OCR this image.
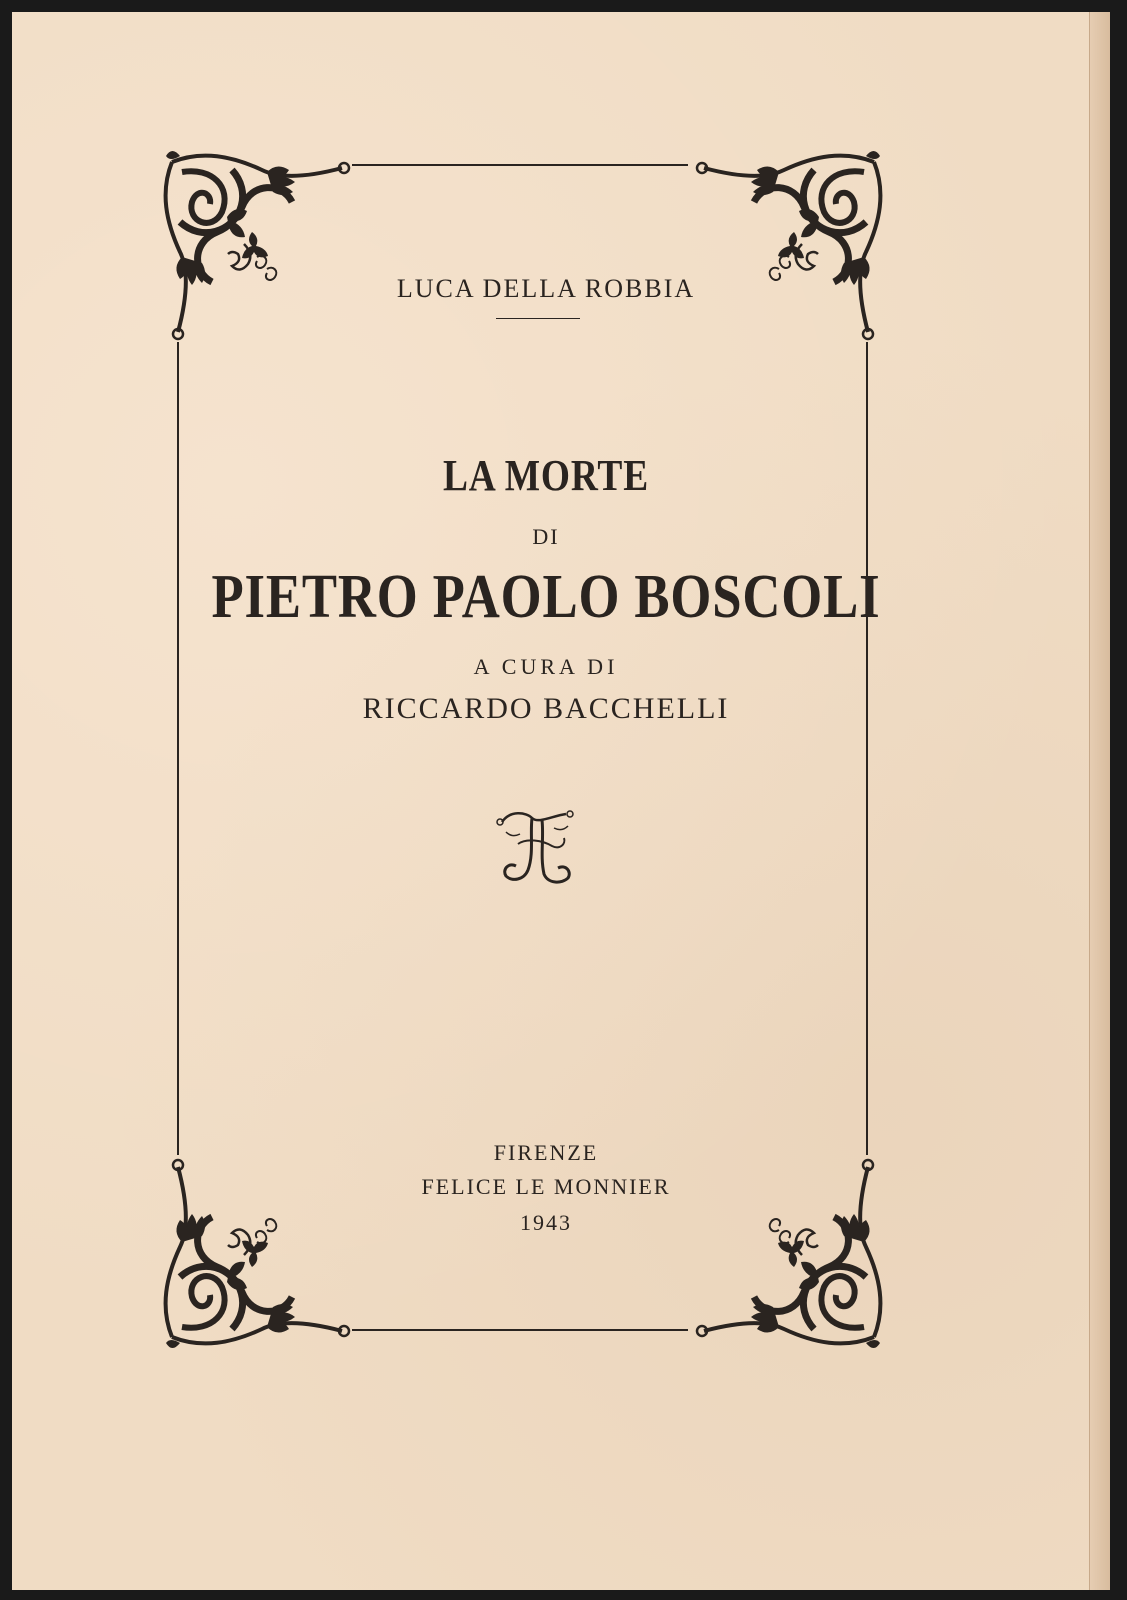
LUCA DELLA ROBBIA
LA MORTE
DI
PIETRO PAOLO BOSCOLI
A CURA DI
RICCARDO BACCHELLI
FIRENZE
FELICE LE MONNIER
1943
